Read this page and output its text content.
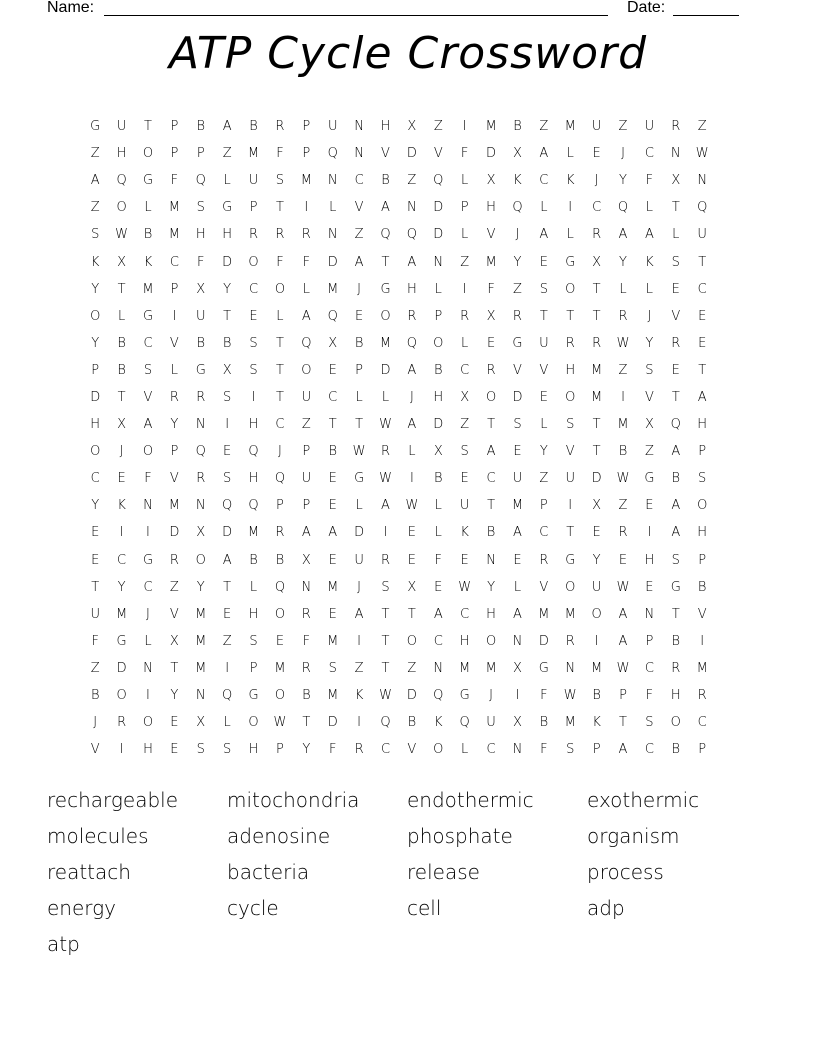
Name:	Date:
ATP Cycle Crossword
G	U	T	P	B	A	B	R	P	U	N	H	X	Z	I	M	B	Z	M	U	Z	U	R	Z
Z	H	O	P	P	Z	M	F	P	Q	N	V	D	V	F	D	X	A	L	E	J	C	N	W
A	Q	G	F	Q	L	U	S	M	N	C	B	Z	Q	L	X	K	C	K	J	Y	F	X	N
Z	O	L	M	S	G	P	T	I	L	V	A	N	D	P	H	Q	L	I	C	Q	L	T	Q
S	W	B	M	H	H	R	R	R	N	Z	Q	Q	D	L	V	J	A	L	R	A	A	L	U
K	X	K	C	F	D	O	F	F	D	A	T	A	N	Z	M	Y	E	G	X	Y	K	S	T
Y	T	M	P	X	Y	C	O	L	M	J	G	H	L	I	F	Z	S	O	T	L	L	E	C
O	L	G	I	U	T	E	L	A	Q	E	O	R	P	R	X	R	T	T	T	R	J	V	E
Y	B	C	V	B	B	S	T	Q	X	B	M	Q	O	L	E	G	U	R	R	W	Y	R	E
P	B	S	L	G	X	S	T	O	E	P	D	A	B	C	R	V	V	H	M	Z	S	E	T
D	T	V	R	R	S	I	T	U	C	L	L	J	H	X	O	D	E	O	M	I	V	T	A
H	X	A	Y	N	I	H	C	Z	T	T	W	A	D	Z	T	S	L	S	T	M	X	Q	H
O	J	O	P	Q	E	Q	J	P	B	W	R	L	X	S	A	E	Y	V	T	B	Z	A	P
C	E	F	V	R	S	H	Q	U	E	G	W	I	B	E	C	U	Z	U	D	W	G	B	S
Y	K	N	M	N	Q	Q	P	P	E	L	A	W	L	U	T	M	P	I	X	Z	E	A	O
E	I	I	D	X	D	M	R	A	A	D	I	E	L	K	B	A	C	T	E	R	I	A	H
E	C	G	R	O	A	B	B	X	E	U	R	E	F	E	N	E	R	G	Y	E	H	S	P
T	Y	C	Z	Y	T	L	Q	N	M	J	S	X	E	W	Y	L	V	O	U	W	E	G	B
U	M	J	V	M	E	H	O	R	E	A	T	T	A	C	H	A	M	M	O	A	N	T	V
F	G	L	X	M	Z	S	E	F	M	I	T	O	C	H	O	N	D	R	I	A	P	B	I
Z	D	N	T	M	I	P	M	R	S	Z	T	Z	N	M	M	X	G	N	M	W	C	R	M
B	O	I	Y	N	Q	G	O	B	M	K	W	D	Q	G	J	I	F	W	B	P	F	H	R
J	R	O	E	X	L	O	W	T	D	I	Q	B	K	Q	U	X	B	M	K	T	S	O	C
V	I	H	E	S	S	H	P	Y	F	R	C	V	O	L	C	N	F	S	P	A	C	B	P
rechargeable	mitochondria	endothermic	exothermic
molecules	adenosine	phosphate	organism
reattach	bacteria	release	process
energy	cycle	cell	adp
atp
